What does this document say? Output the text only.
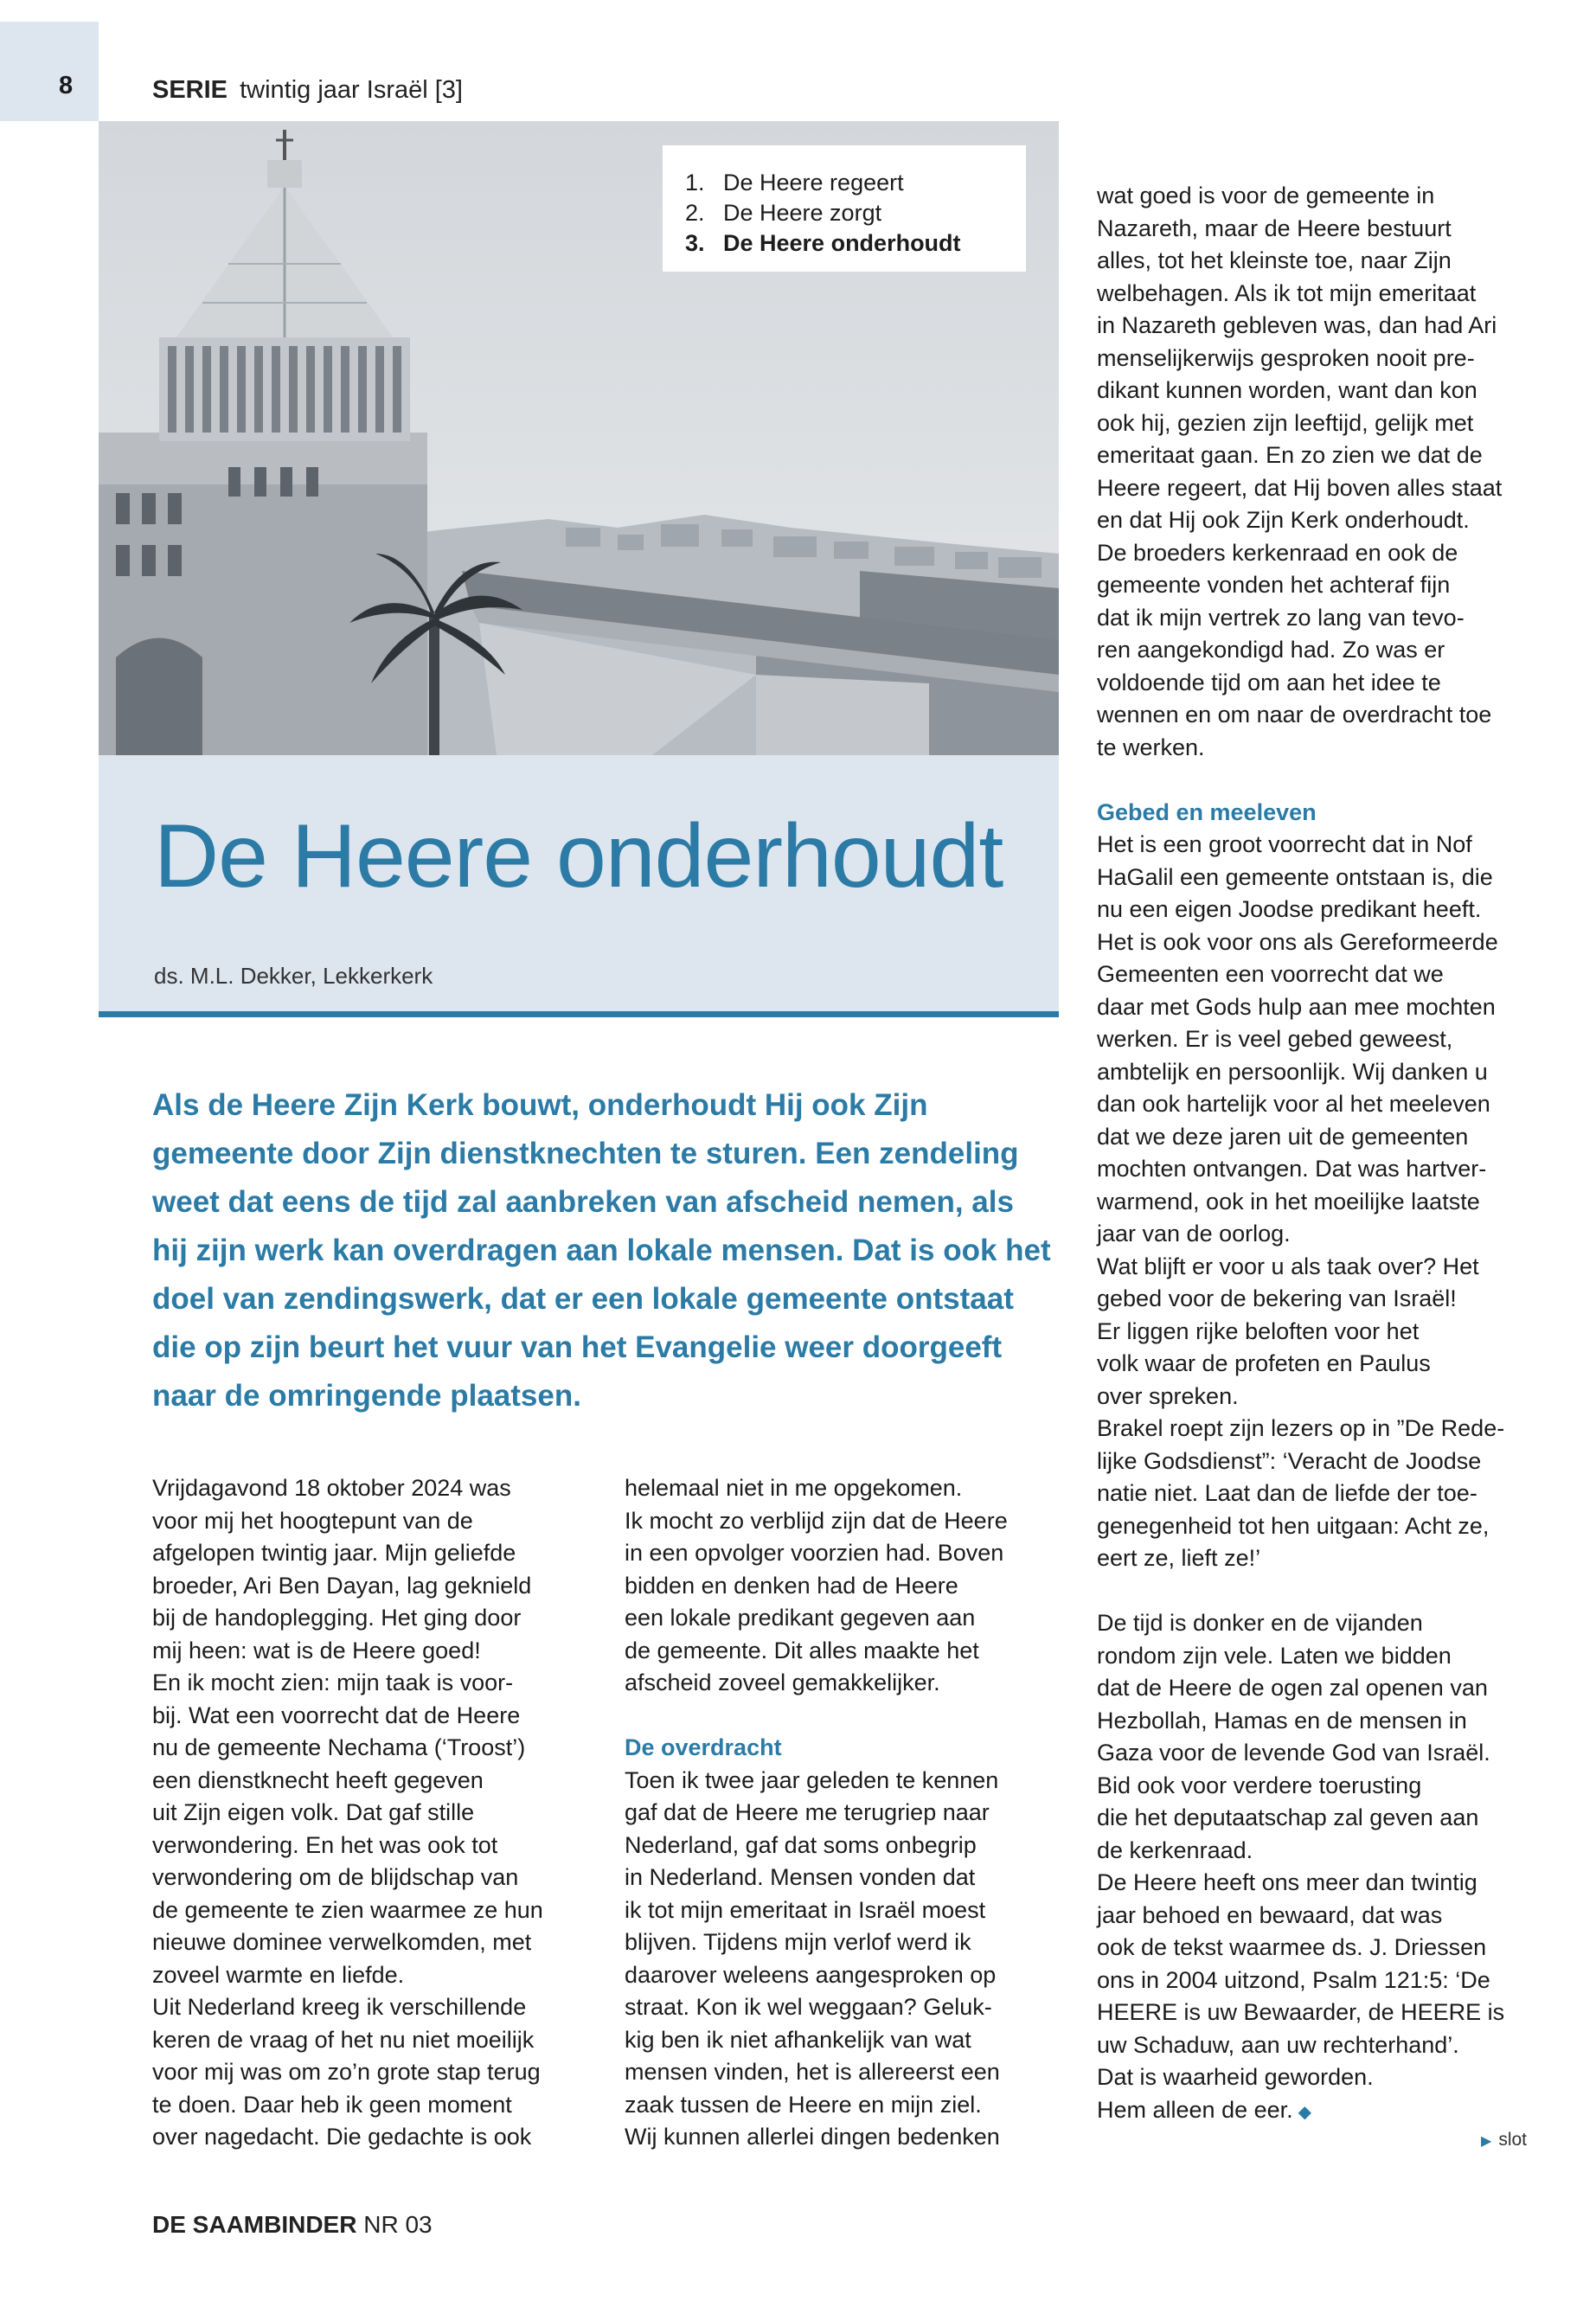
8	SERIE twintig jaar Israël [3]
1. De Heere regeert
2. De Heere zorgt
3. De Heere onderhoudt
De Heere onderhoudt
ds. M.L. Dekker, Lekkerkerk
Als de Heere Zijn Kerk bouwt, onderhoudt Hij ook Zijn
gemeente door Zijn dienstknechten te sturen. Een zendeling
weet dat eens de tijd zal aanbreken van afscheid nemen, als
hij zijn werk kan overdragen aan lokale mensen. Dat is ook het
doel van zendingswerk, dat er een lokale gemeente ontstaat
die op zijn beurt het vuur van het Evangelie weer doorgeeft
naar de omringende plaatsen.
Vrijdagavond 18 oktober 2024 was
voor mij het hoogtepunt van de
afgelopen twintig jaar. Mijn geliefde
broeder, Ari Ben Dayan, lag geknield
bij de handoplegging. Het ging door
mij heen: wat is de Heere goed!
En ik mocht zien: mijn taak is voor-
bij. Wat een voorrecht dat de Heere
nu de gemeente Nechama (‘Troost’)
een dienstknecht heeft gegeven
uit Zijn eigen volk. Dat gaf stille
verwondering. En het was ook tot
verwondering om de blijdschap van
de gemeente te zien waarmee ze hun
nieuwe dominee verwelkomden, met
zoveel warmte en liefde.
Uit Nederland kreeg ik verschillende
keren de vraag of het nu niet moeilijk
voor mij was om zo’n grote stap terug
te doen. Daar heb ik geen moment
over nagedacht. Die gedachte is ook
helemaal niet in me opgekomen.
Ik mocht zo verblijd zijn dat de Heere
in een opvolger voorzien had. Boven
bidden en denken had de Heere
een lokale predikant gegeven aan
de gemeente. Dit alles maakte het
afscheid zoveel gemakkelijker.
De overdracht
Toen ik twee jaar geleden te kennen
gaf dat de Heere me terugriep naar
Nederland, gaf dat soms onbegrip
in Nederland. Mensen vonden dat
ik tot mijn emeritaat in Israël moest
blijven. Tijdens mijn verlof werd ik
daarover weleens aangesproken op
straat. Kon ik wel weggaan? Geluk-
kig ben ik niet afhankelijk van wat
mensen vinden, het is allereerst een
zaak tussen de Heere en mijn ziel.
Wij kunnen allerlei dingen bedenken
wat goed is voor de gemeente in
Nazareth, maar de Heere bestuurt
alles, tot het kleinste toe, naar Zijn
welbehagen. Als ik tot mijn emeritaat
in Nazareth gebleven was, dan had Ari
menselijkerwijs gesproken nooit pre-
dikant kunnen worden, want dan kon
ook hij, gezien zijn leeftijd, gelijk met
emeritaat gaan. En zo zien we dat de
Heere regeert, dat Hij boven alles staat
en dat Hij ook Zijn Kerk onderhoudt.
De broeders kerkenraad en ook de
gemeente vonden het achteraf fijn
dat ik mijn vertrek zo lang van tevo-
ren aangekondigd had. Zo was er
voldoende tijd om aan het idee te
wennen en om naar de overdracht toe
te werken.
Gebed en meeleven
Het is een groot voorrecht dat in Nof
HaGalil een gemeente ontstaan is, die
nu een eigen Joodse predikant heeft.
Het is ook voor ons als Gereformeerde
Gemeenten een voorrecht dat we
daar met Gods hulp aan mee mochten
werken. Er is veel gebed geweest,
ambtelijk en persoonlijk. Wij danken u
dan ook hartelijk voor al het meeleven
dat we deze jaren uit de gemeenten
mochten ontvangen. Dat was hartver-
warmend, ook in het moeilijke laatste
jaar van de oorlog.
Wat blijft er voor u als taak over? Het
gebed voor de bekering van Israël!
Er liggen rijke beloften voor het
volk waar de profeten en Paulus
over spreken.
Brakel roept zijn lezers op in ”De Rede-
lijke Godsdienst”: ‘Veracht de Joodse
natie niet. Laat dan de liefde der toe-
genegenheid tot hen uitgaan: Acht ze,
eert ze, lieft ze!’
De tijd is donker en de vijanden
rondom zijn vele. Laten we bidden
dat de Heere de ogen zal openen van
Hezbollah, Hamas en de mensen in
Gaza voor de levende God van Israël.
Bid ook voor verdere toerusting
die het deputaatschap zal geven aan
de kerkenraad.
De Heere heeft ons meer dan twintig
jaar behoed en bewaard, dat was
ook de tekst waarmee ds. J. Driessen
ons in 2004 uitzond, Psalm 121:5: ‘De
HEERE is uw Bewaarder, de HEERE is
uw Schaduw, aan uw rechterhand’.
Dat is waarheid geworden.
Hem alleen de eer. ◆
▶ slot
DE SAAMBINDER NR 03
